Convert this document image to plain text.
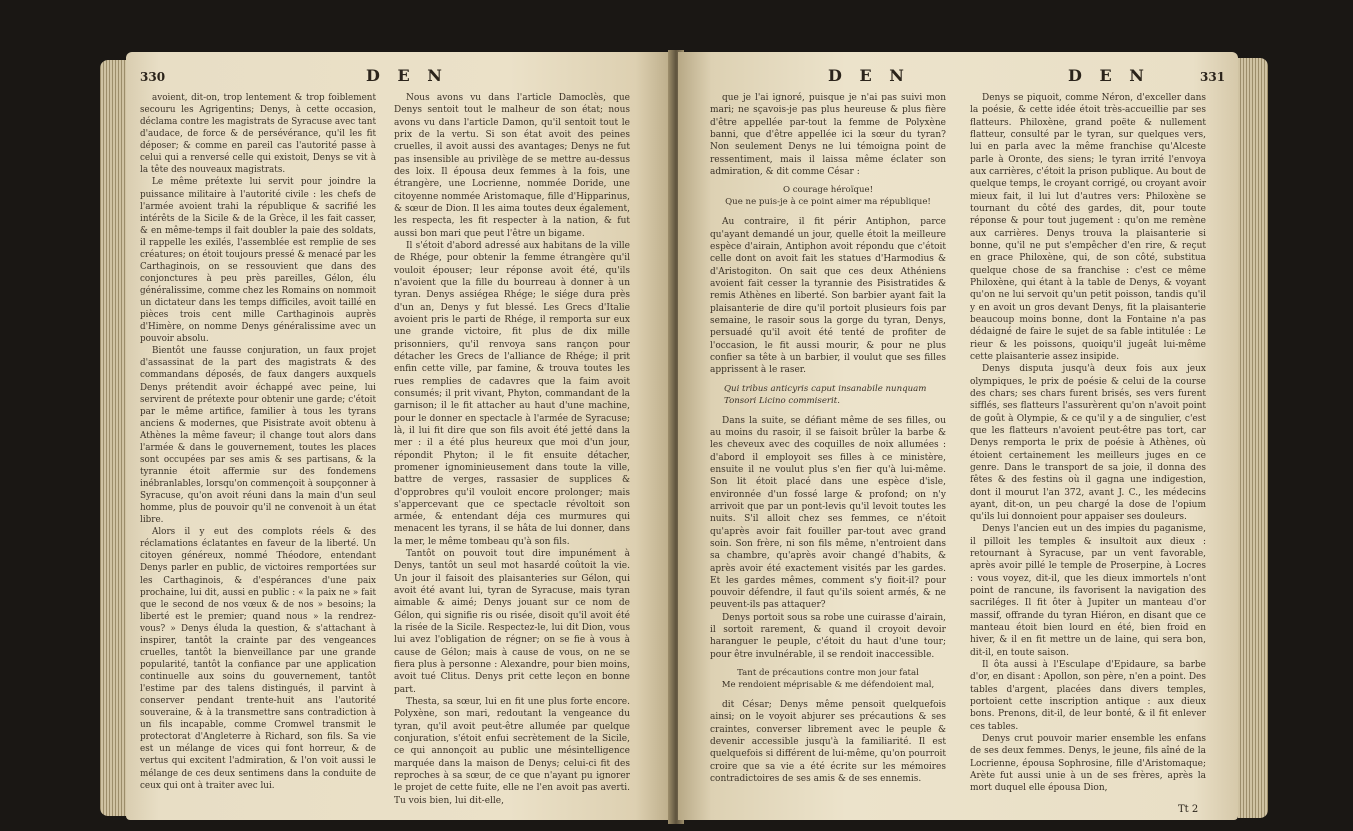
330	D E N

avoient, dit-on, trop lentement & trop foiblement secouru les Agrigentins; Denys, à cette occasion, déclama contre les magistrats de Syracuse avec tant d'audace, de force & de persévérance, qu'il les fit déposer; & comme en pareil cas l'autorité passe à celui qui a renversé celle qui existoit, Denys se vit à la tête des nouveaux magistrats.

Le même prétexte lui servit pour joindre la puissance militaire à l'autorité civile : les chefs de l'armée avoient trahi la république & sacrifié les intérêts de la Sicile & de la Grèce, il les fait casser, & en même-temps il fait doubler la paie des soldats, il rappelle les exilés, l'assemblée est remplie de ses créatures; on étoit toujours pressé & menacé par les Carthaginois, on se ressouvient que dans des conjonctures à peu près pareilles, Gélon, élu généralissime, comme chez les Romains on nommoit un dictateur dans les temps difficiles, avoit taillé en pièces trois cent mille Carthaginois auprès d'Himère, on nomme Denys généralissime avec un pouvoir absolu.

Bientôt une fausse conjuration, un faux projet d'assassinat de la part des magistrats & des commandans déposés, de faux dangers auxquels Denys prétendit avoir échappé avec peine, lui servirent de prétexte pour obtenir une garde; c'étoit par le même artifice, familier à tous les tyrans anciens & modernes, que Pisistrate avoit obtenu à Athènes la même faveur; il change tout alors dans l'armée & dans le gouvernement, toutes les places sont occupées par ses amis & ses partisans, & la tyrannie étoit affermie sur des fondemens inébranlables, lorsqu'on commençoit à soupçonner à Syracuse, qu'on avoit réuni dans la main d'un seul homme, plus de pouvoir qu'il ne convenoit à un état libre.

Alors il y eut des complots réels & des réclamations éclatantes en faveur de la liberté. Un citoyen généreux, nommé Théodore, entendant Denys parler en public, de victoires remportées sur les Carthaginois, & d'espérances d'une paix prochaine, lui dit, aussi en public : « la paix ne » fait que le second de nos vœux & de nos » besoins; la liberté est le premier; quand nous » la rendrez-vous? » Denys éluda la question, & s'attachant à inspirer, tantôt la crainte par des vengeances cruelles, tantôt la bienveillance par une grande popularité, tantôt la confiance par une application continuelle aux soins du gouvernement, tantôt l'estime par des talens distingués, il parvint à conserver pendant trente-huit ans l'autorité souveraine, & à la transmettre sans contradiction à un fils incapable, comme Cromwel transmit le protectorat d'Angleterre à Richard, son fils. Sa vie est un mélange de vices qui font horreur, & de vertus qui excitent l'admiration, & l'on voit aussi le mélange de ces deux sentimens dans la conduite de ceux qui ont à traiter avec lui.

Nous avons vu dans l'article Damoclès, que Denys sentoit tout le malheur de son état; nous avons vu dans l'article Damon, qu'il sentoit tout le prix de la vertu. Si son état avoit des peines cruelles, il avoit aussi des avantages; Denys ne fut pas insensible au privilège de se mettre au-dessus des loix. Il épousa deux femmes à la fois, une étrangère, une Locrienne, nommée Doride, une citoyenne nommée Aristomaque, fille d'Hipparinus, & sœur de Dion. Il les aima toutes deux également, les respecta, les fit respecter à la nation, & fut aussi bon mari que peut l'être un bigame.

Il s'étoit d'abord adressé aux habitans de la ville de Rhége, pour obtenir la femme étrangère qu'il vouloit épouser; leur réponse avoit été, qu'ils n'avoient que la fille du bourreau à donner à un tyran. Denys assiégea Rhége; le siége dura près d'un an, Denys y fut blessé. Les Grecs d'Italie avoient pris le parti de Rhége, il remporta sur eux une grande victoire, fit plus de dix mille prisonniers, qu'il renvoya sans rançon pour détacher les Grecs de l'alliance de Rhége; il prit enfin cette ville, par famine, & trouva toutes les rues remplies de cadavres que la faim avoit consumés; il prit vivant, Phyton, commandant de la garnison; il le fit attacher au haut d'une machine, pour le donner en spectacle à l'armée de Syracuse; là, il lui fit dire que son fils avoit été jetté dans la mer : il a été plus heureux que moi d'un jour, répondit Phyton; il le fit ensuite détacher, promener ignominieusement dans toute la ville, battre de verges, rassasier de supplices & d'opprobres qu'il vouloit encore prolonger; mais s'appercevant que ce spectacle révoltoit son armée, & entendant déja ces murmures qui menacent les tyrans, il se hâta de lui donner, dans la mer, le même tombeau qu'à son fils.

Tantôt on pouvoit tout dire impunément à Denys, tantôt un seul mot hasardé coûtoit la vie. Un jour il faisoit des plaisanteries sur Gélon, qui avoit été avant lui, tyran de Syracuse, mais tyran aimable & aimé; Denys jouant sur ce nom de Gélon, qui signifie ris ou risée, disoit qu'il avoit été la risée de la Sicile. Respectez-le, lui dit Dion, vous lui avez l'obligation de régner; on se fie à vous à cause de Gélon; mais à cause de vous, on ne se fiera plus à personne : Alexandre, pour bien moins, avoit tué Clitus. Denys prit cette leçon en bonne part.

Thesta, sa sœur, lui en fit une plus forte encore. Polyxène, son mari, redoutant la vengeance du tyran, qu'il avoit peut-être allumée par quelque conjuration, s'étoit enfui secrètement de la Sicile, ce qui annonçoit au public une mésintelligence marquée dans la maison de Denys; celui-ci fit des reproches à sa sœur, de ce que n'ayant pu ignorer le projet de cette fuite, elle ne l'en avoit pas averti. Tu vois bien, lui dit-elle,

D E N	D E N	331

que je l'ai ignoré, puisque je n'ai pas suivi mon mari; ne sçavois-je pas plus heureuse & plus fière d'être appellée par-tout la femme de Polyxène banni, que d'être appellée ici la sœur du tyran? Non seulement Denys ne lui témoigna point de ressentiment, mais il laissa même éclater son admiration, & dit comme César :

O courage héroïque!
Que ne puis-je à ce point aimer ma république!

Au contraire, il fit périr Antiphon, parce qu'ayant demandé un jour, quelle étoit la meilleure espèce d'airain, Antiphon avoit répondu que c'étoit celle dont on avoit fait les statues d'Harmodius & d'Aristogiton. On sait que ces deux Athéniens avoient fait cesser la tyrannie des Pisistratides & remis Athènes en liberté. Son barbier ayant fait la plaisanterie de dire qu'il portoit plusieurs fois par semaine, le rasoir sous la gorge du tyran, Denys, persuadé qu'il avoit été tenté de profiter de l'occasion, le fit aussi mourir, & pour ne plus confier sa tête à un barbier, il voulut que ses filles apprissent à le raser.

Qui tribus anticyris caput insanabile nunquam
Tonsori Licino commiserit.

Dans la suite, se défiant même de ses filles, ou au moins du rasoir, il se faisoit brûler la barbe & les cheveux avec des coquilles de noix allumées : d'abord il employoit ses filles à ce ministère, ensuite il ne voulut plus s'en fier qu'à lui-même. Son lit étoit placé dans une espèce d'isle, environnée d'un fossé large & profond; on n'y arrivoit que par un pont-levis qu'il levoit toutes les nuits. S'il alloit chez ses femmes, ce n'étoit qu'après avoir fait fouiller par-tout avec grand soin. Son frère, ni son fils même, n'entroient dans sa chambre, qu'après avoir changé d'habits, & après avoir été exactement visités par les gardes. Et les gardes mêmes, comment s'y fioit-il? pour pouvoir défendre, il faut qu'ils soient armés, & ne peuvent-ils pas attaquer?

Denys portoit sous sa robe une cuirasse d'airain, il sortoit rarement, & quand il croyoit devoir haranguer le peuple, c'étoit du haut d'une tour; pour être invulnérable, il se rendoit inaccessible.

Tant de précautions contre mon jour fatal
Me rendoient méprisable & me défendoient mal,

dit César; Denys même pensoit quelquefois ainsi; on le voyoit abjurer ses précautions & ses craintes, converser librement avec le peuple & devenir accessible jusqu'à la familiarité. Il est quelquefois si différent de lui-même, qu'on pourroit croire que sa vie a été écrite sur les mémoires contradictoires de ses amis & de ses ennemis.

Denys se piquoit, comme Néron, d'exceller dans la poésie, & cette idée étoit très-accueillie par ses flatteurs. Philoxène, grand poëte & nullement flatteur, consulté par le tyran, sur quelques vers, lui en parla avec la même franchise qu'Alceste parle à Oronte, des siens; le tyran irrité l'envoya aux carrières, c'étoit la prison publique. Au bout de quelque temps, le croyant corrigé, ou croyant avoir mieux fait, il lui lut d'autres vers: Philoxène se tournant du côté des gardes, dit, pour toute réponse & pour tout jugement : qu'on me remène aux carrières. Denys trouva la plaisanterie si bonne, qu'il ne put s'empêcher d'en rire, & reçut en grace Philoxène, qui, de son côté, substitua quelque chose de sa franchise : c'est ce même Philoxène, qui étant à la table de Denys, & voyant qu'on ne lui servoit qu'un petit poisson, tandis qu'il y en avoit un gros devant Denys, fit la plaisanterie beaucoup moins bonne, dont la Fontaine n'a pas dédaigné de faire le sujet de sa fable intitulée : Le rieur & les poissons, quoiqu'il jugeât lui-même cette plaisanterie assez insipide.

Denys disputa jusqu'à deux fois aux jeux olympiques, le prix de poésie & celui de la course des chars; ses chars furent brisés, ses vers furent sifflés, ses flatteurs l'assurèrent qu'on n'avoit point de goût à Olympie, & ce qu'il y a de singulier, c'est que les flatteurs n'avoient peut-être pas tort, car Denys remporta le prix de poésie à Athènes, où étoient certainement les meilleurs juges en ce genre. Dans le transport de sa joie, il donna des fêtes & des festins où il gagna une indigestion, dont il mourut l'an 372, avant J. C., les médecins ayant, dit-on, un peu chargé la dose de l'opium qu'ils lui donnoient pour appaiser ses douleurs.

Denys l'ancien eut un des impies du paganisme, il pilloit les temples & insultoit aux dieux : retournant à Syracuse, par un vent favorable, après avoir pillé le temple de Proserpine, à Locres : vous voyez, dit-il, que les dieux immortels n'ont point de rancune, ils favorisent la navigation des sacriléges. Il fit ôter à Jupiter un manteau d'or massif, offrande du tyran Hiéron, en disant que ce manteau étoit bien lourd en été, bien froid en hiver, & il en fit mettre un de laine, qui sera bon, dit-il, en toute saison.

Il ôta aussi à l'Esculape d'Epidaure, sa barbe d'or, en disant : Apollon, son père, n'en a point. Des tables d'argent, placées dans divers temples, portoient cette inscription antique : aux dieux bons. Prenons, dit-il, de leur bonté, & il fit enlever ces tables.

Denys crut pouvoir marier ensemble les enfans de ses deux femmes. Denys, le jeune, fils aîné de la Locrienne, épousa Sophrosine, fille d'Aristomaque; Arète fut aussi unie à un de ses frères, après la mort duquel elle épousa Dion,

Tt 2
